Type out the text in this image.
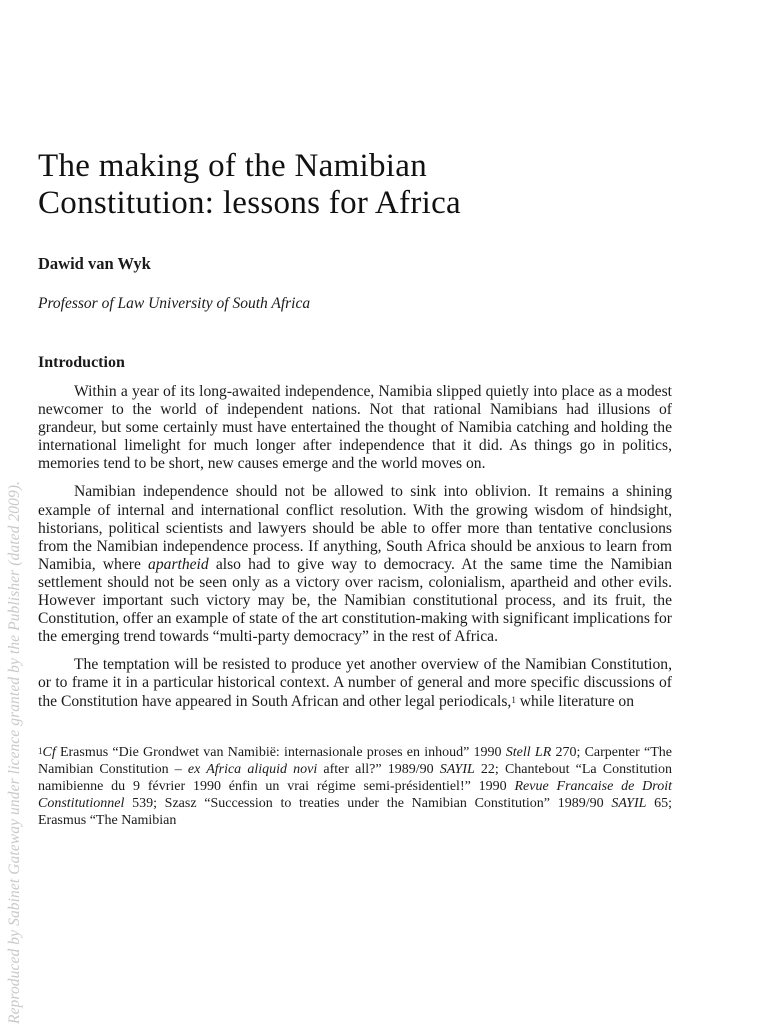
Reproduced by Sabinet Gateway under licence granted by the Publisher (dated 2009).
The making of the Namibian
Constitution: lessons for Africa
Dawid van Wyk
Professor of Law University of South Africa
Introduction

Within a year of its long-awaited independence, Namibia slipped quietly into place as a modest newcomer to the world of independent nations. Not that rational Namibians had illusions of grandeur, but some certainly must have entertained the thought of Namibia catching and holding the international limelight for much longer after independence that it did. As things go in politics, memories tend to be short, new causes emerge and the world moves on.

Namibian independence should not be allowed to sink into oblivion. It remains a shining example of internal and international conflict resolution. With the growing wisdom of hindsight, historians, political scientists and lawyers should be able to offer more than tentative conclusions from the Namibian independence process. If anything, South Africa should be anxious to learn from Namibia, where apartheid also had to give way to democracy. At the same time the Namibian settlement should not be seen only as a victory over racism, colonialism, apartheid and other evils. However important such victory may be, the Namibian constitutional process, and its fruit, the Constitution, offer an example of state of the art constitution-making with significant implications for the emerging trend towards “multi-party democracy” in the rest of Africa.

The temptation will be resisted to produce yet another overview of the Namibian Constitution, or to frame it in a particular historical context. A number of general and more specific discussions of the Constitution have appeared in South African and other legal periodicals,$^1$ while literature on

$^1$Cf Erasmus “Die Grondwet van Namibië: internasionale proses en inhoud” 1990 Stell LR 270; Carpenter “The Namibian Constitution – ex Africa aliquid novi after all?” 1989/90 SAYIL 22; Chantebout “La Constitution namibienne du 9 février 1990 énfin un vrai régime semi-présidentiel!” 1990 Revue Francaise de Droit Constitutionnel 539; Szasz “Succession to treaties under the Namibian Constitution” 1989/90 SAYIL 65; Erasmus “The Namibian
